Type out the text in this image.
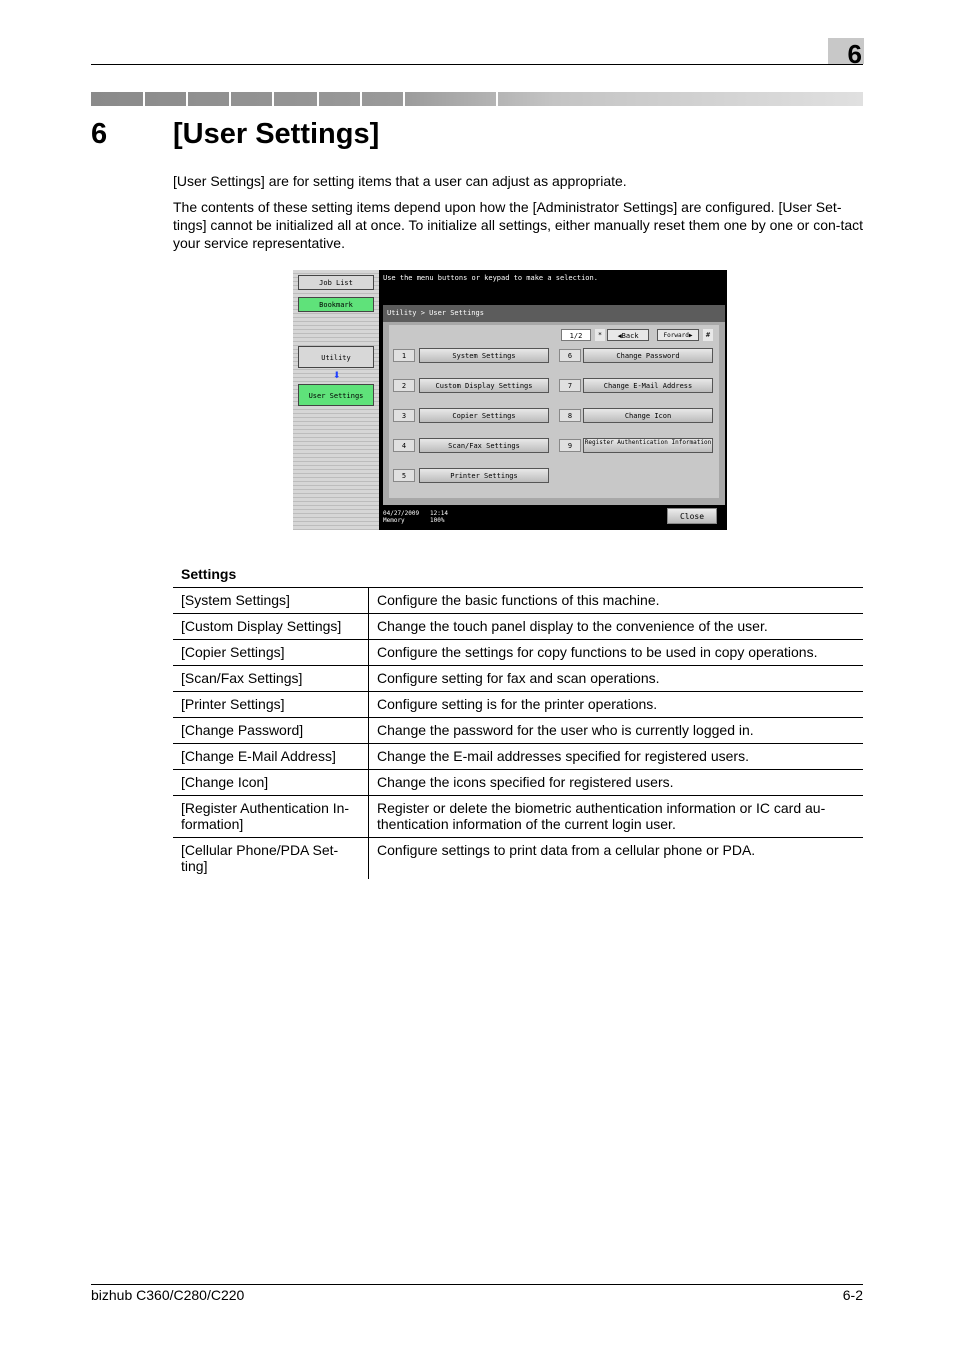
6
6 [User Settings]
[User Settings] are for setting items that a user can adjust as appropriate.
The contents of these setting items depend upon how the [Administrator Settings] are configured. [User Set-tings] cannot be initialized all at once. To initialize all settings, either manually reset them one by one or con-tact your service representative.
Job List
Bookmark
Utility
⬇
User Settings
Use the menu buttons or keypad to make a selection.
Utility > User Settings
1/2	*	◀Back	Forward▶	#
1	System Settings
2	Custom Display Settings
3	Copier Settings
4	Scan/Fax Settings
5	Printer Settings
6	Change Password
7	Change E-Mail Address
8	Change Icon
9	Register Authentication Information
04/27/2009 12:14
Memory	100%	Close
Settings
[System Settings]	Configure the basic functions of this machine.
[Custom Display Settings]	Change the touch panel display to the convenience of the user.
[Copier Settings]	Configure the settings for copy functions to be used in copy operations.
[Scan/Fax Settings]	Configure setting for fax and scan operations.
[Printer Settings]	Configure setting is for the printer operations.
[Change Password]	Change the password for the user who is currently logged in.
[Change E-Mail Address]	Change the E-mail addresses specified for registered users.
[Change Icon]	Change the icons specified for registered users.
[Register Authentication In-formation]	Register or delete the biometric authentication information or IC card au-thentication information of the current login user.
[Cellular Phone/PDA Set-ting]	Configure settings to print data from a cellular phone or PDA.
bizhub C360/C280/C220	6-2
